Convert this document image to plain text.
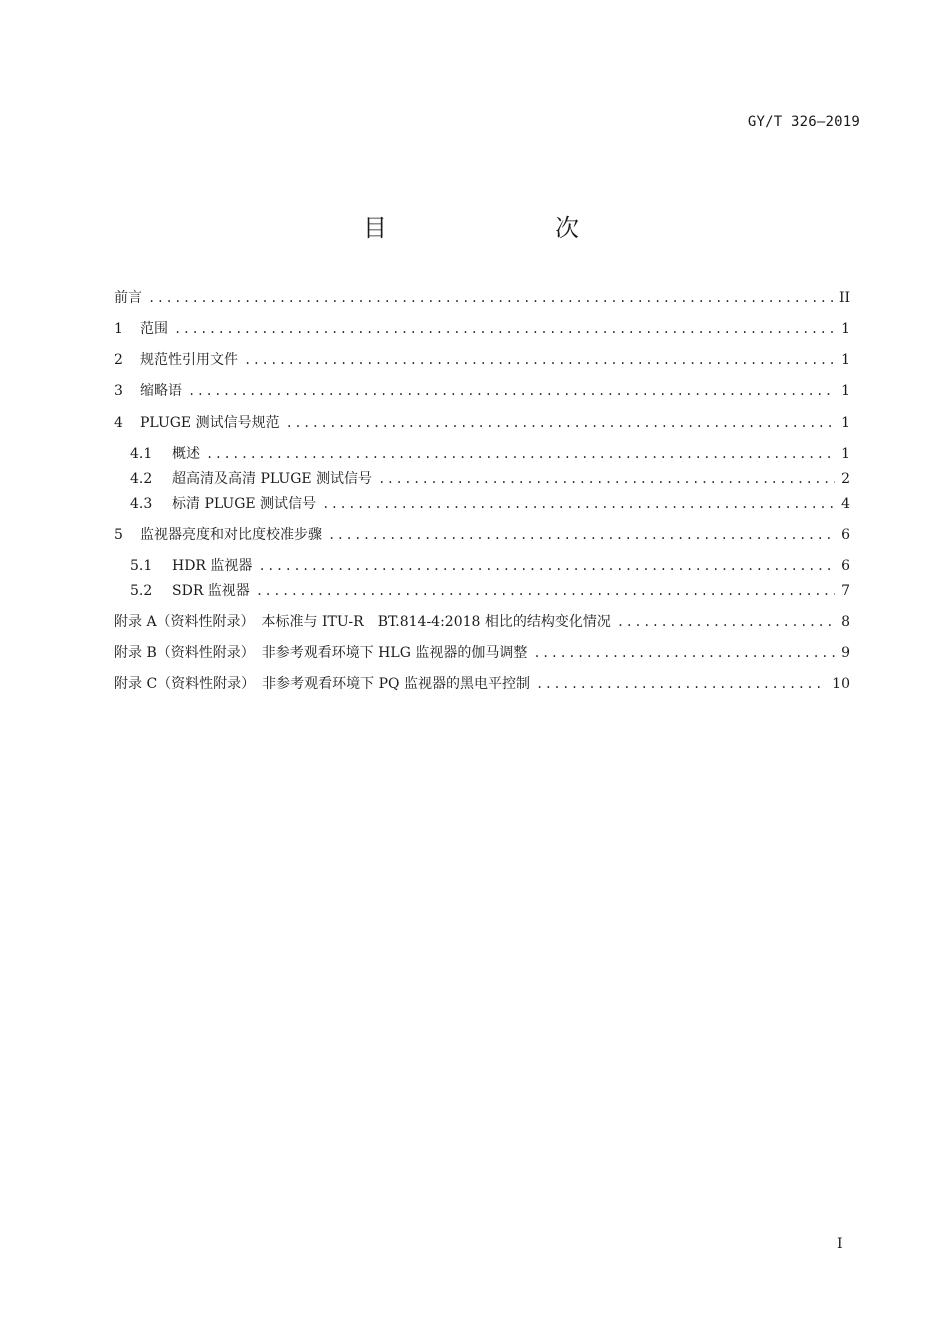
GY/T 326—2019
目　　次
前言 .....	II
1	范围 .....	1
2	规范性引用文件 .....	1
3	缩略语 .....	1
4	PLUGE 测试信号规范 .....	1
4.1	概述 .....	1
4.2	超高清及高清 PLUGE 测试信号 .....	2
4.3	标清 PLUGE 测试信号 .....	4
5	监视器亮度和对比度校准步骤 .....	6
5.1	HDR 监视器 .....	6
5.2	SDR 监视器 .....	7
附录 A（资料性附录）　本标准与 ITU-R　BT.814-4:2018 相比的结构变化情况 .....	8
附录 B（资料性附录）　非参考观看环境下 HLG 监视器的伽马调整 .....	9
附录 C（资料性附录）　非参考观看环境下 PQ 监视器的黑电平控制 .....	10
I
